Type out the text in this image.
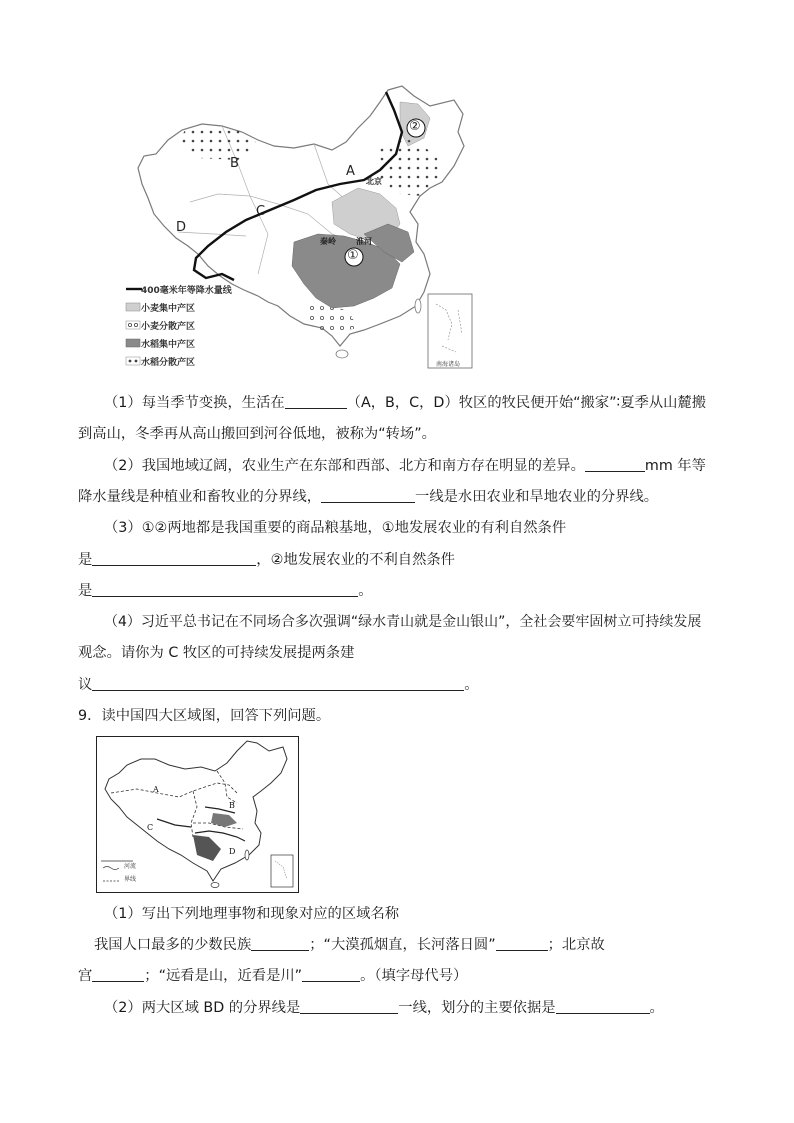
B
A
C
D
①
②
北京
秦岭	淮河
南海诸岛
400毫米年等降水量线
小麦集中产区
小麦分散产区
水稻集中产区
水稻分散产区
（1）每当季节变换，生活在	（A，B，C，D）牧区的牧民便开始“搬家”∶夏季从山麓搬
到高山，冬季再从高山搬回到河谷低地，被称为“转场”。
（2）我国地域辽阔，农业生产在东部和西部、北方和南方存在明显的差异。	mm 年等
降水量线是种植业和畜牧业的分界线，	一线是水田农业和旱地农业的分界线。
（3）①②两地都是我国重要的商品粮基地，①地发展农业的有利自然条件
是	，②地发展农业的不利自然条件
是	。
（4）习近平总书记在不同场合多次强调“绿水青山就是金山银山”，全社会要牢固树立可持续发展
观念。请你为 C 牧区的可持续发展提两条建
议	。
9．读中国四大区域图，回答下列问题。
A
B
C
D
河流
界线
（1）写出下列地理事物和现象对应的区域名称
我国人口最多的少数民族	；“大漠孤烟直，长河落日圆”	；北京故
宫	；“远看是山，近看是川”	。（填字母代号）
（2）两大区域 BD 的分界线是	一线，划分的主要依据是	。
